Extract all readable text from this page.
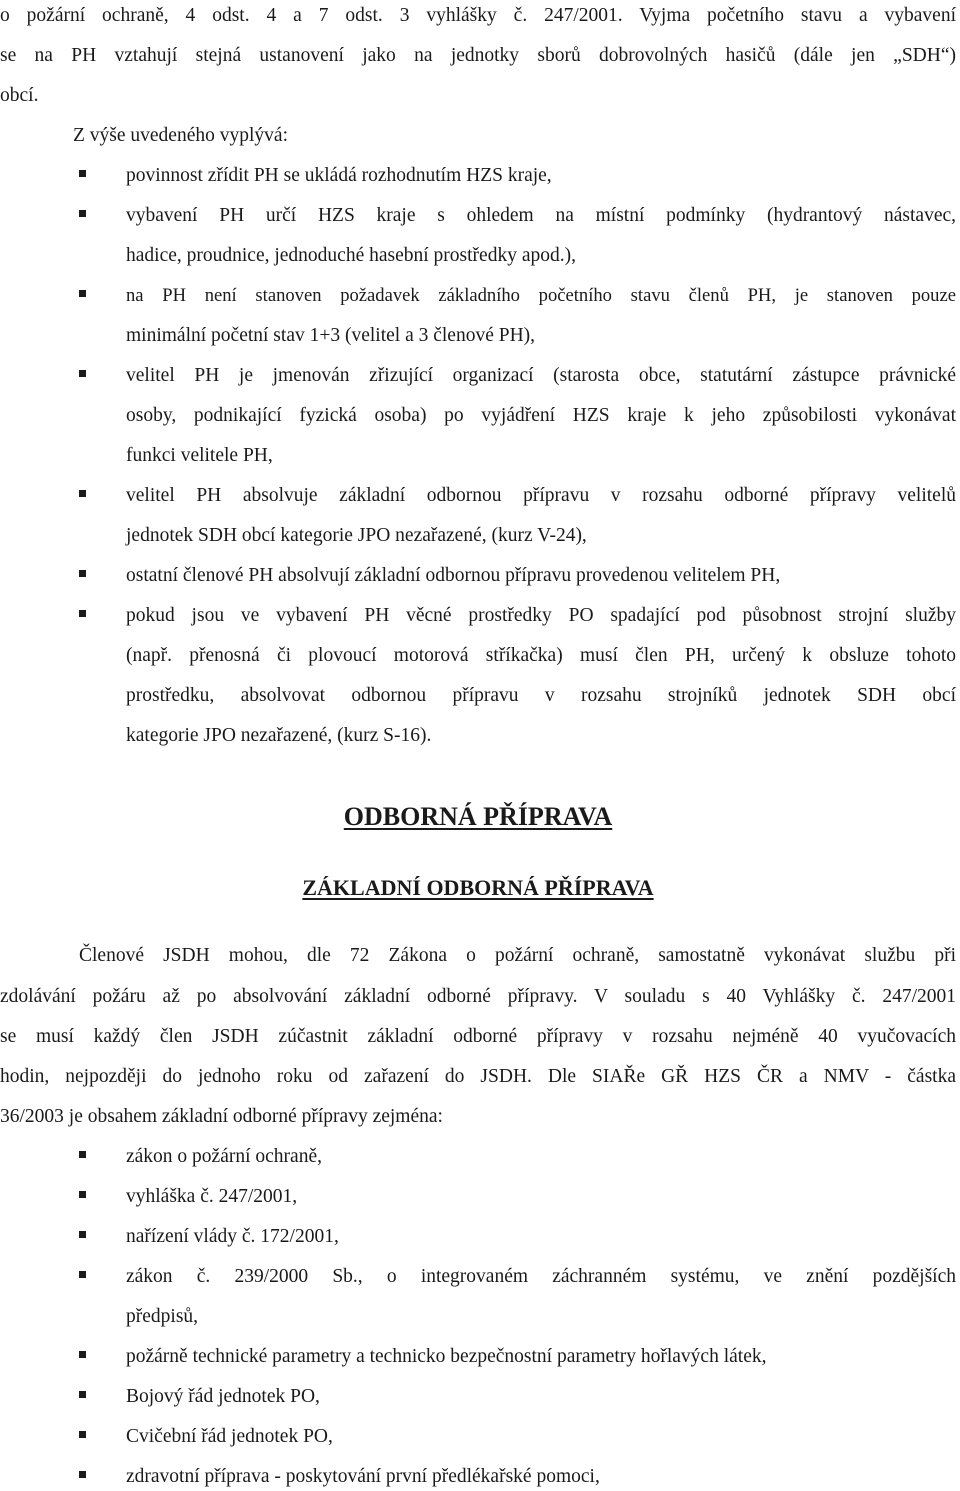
o požární ochraně, 4 odst. 4 a 7 odst. 3 vyhlášky č. 247/2001. Vyjma početního stavu a vybavení
se na PH vztahují stejná ustanovení jako na jednotky sborů dobrovolných hasičů (dále jen „SDH“)
obcí.
Z výše uvedeného vyplývá:
povinnost zřídit PH se ukládá rozhodnutím HZS kraje,
vybavení PH určí HZS kraje s ohledem na místní podmínky (hydrantový nástavec,
hadice, proudnice, jednoduché hasební prostředky apod.),
na PH není stanoven požadavek základního početního stavu členů PH, je stanoven pouze
minimální početní stav 1+3 (velitel a 3 členové PH),
velitel PH je jmenován zřizující organizací (starosta obce, statutární zástupce právnické
osoby, podnikající fyzická osoba) po vyjádření HZS kraje k jeho způsobilosti vykonávat
funkci velitele PH,
velitel PH absolvuje základní odbornou přípravu v rozsahu odborné přípravy velitelů
jednotek SDH obcí kategorie JPO nezařazené, (kurz V-24),
ostatní členové PH absolvují základní odbornou přípravu provedenou velitelem PH,
pokud jsou ve vybavení PH věcné prostředky PO spadající pod působnost strojní služby
(např. přenosná či plovoucí motorová stříkačka) musí člen PH, určený k obsluze tohoto
prostředku, absolvovat odbornou přípravu v rozsahu strojníků jednotek SDH obcí
kategorie JPO nezařazené, (kurz S-16).
ODBORNÁ PŘÍPRAVA
ZÁKLADNÍ ODBORNÁ PŘÍPRAVA
Členové JSDH mohou, dle 72 Zákona o požární ochraně, samostatně vykonávat službu při
zdolávání požáru až po absolvování základní odborné přípravy. V souladu s 40 Vyhlášky č. 247/2001
se musí každý člen JSDH zúčastnit základní odborné přípravy v rozsahu nejméně 40 vyučovacích
hodin, nejpozději do jednoho roku od zařazení do JSDH. Dle SIAŘe GŘ HZS ČR a NMV - částka
36/2003 je obsahem základní odborné přípravy zejména:
zákon o požární ochraně,
vyhláška č. 247/2001,
nařízení vlády č. 172/2001,
zákon č. 239/2000 Sb., o integrovaném záchranném systému, ve znění pozdějších
předpisů,
požárně technické parametry a technicko bezpečnostní parametry hořlavých látek,
Bojový řád jednotek PO,
Cvičební řád jednotek PO,
zdravotní příprava - poskytování první předlékařské pomoci,
